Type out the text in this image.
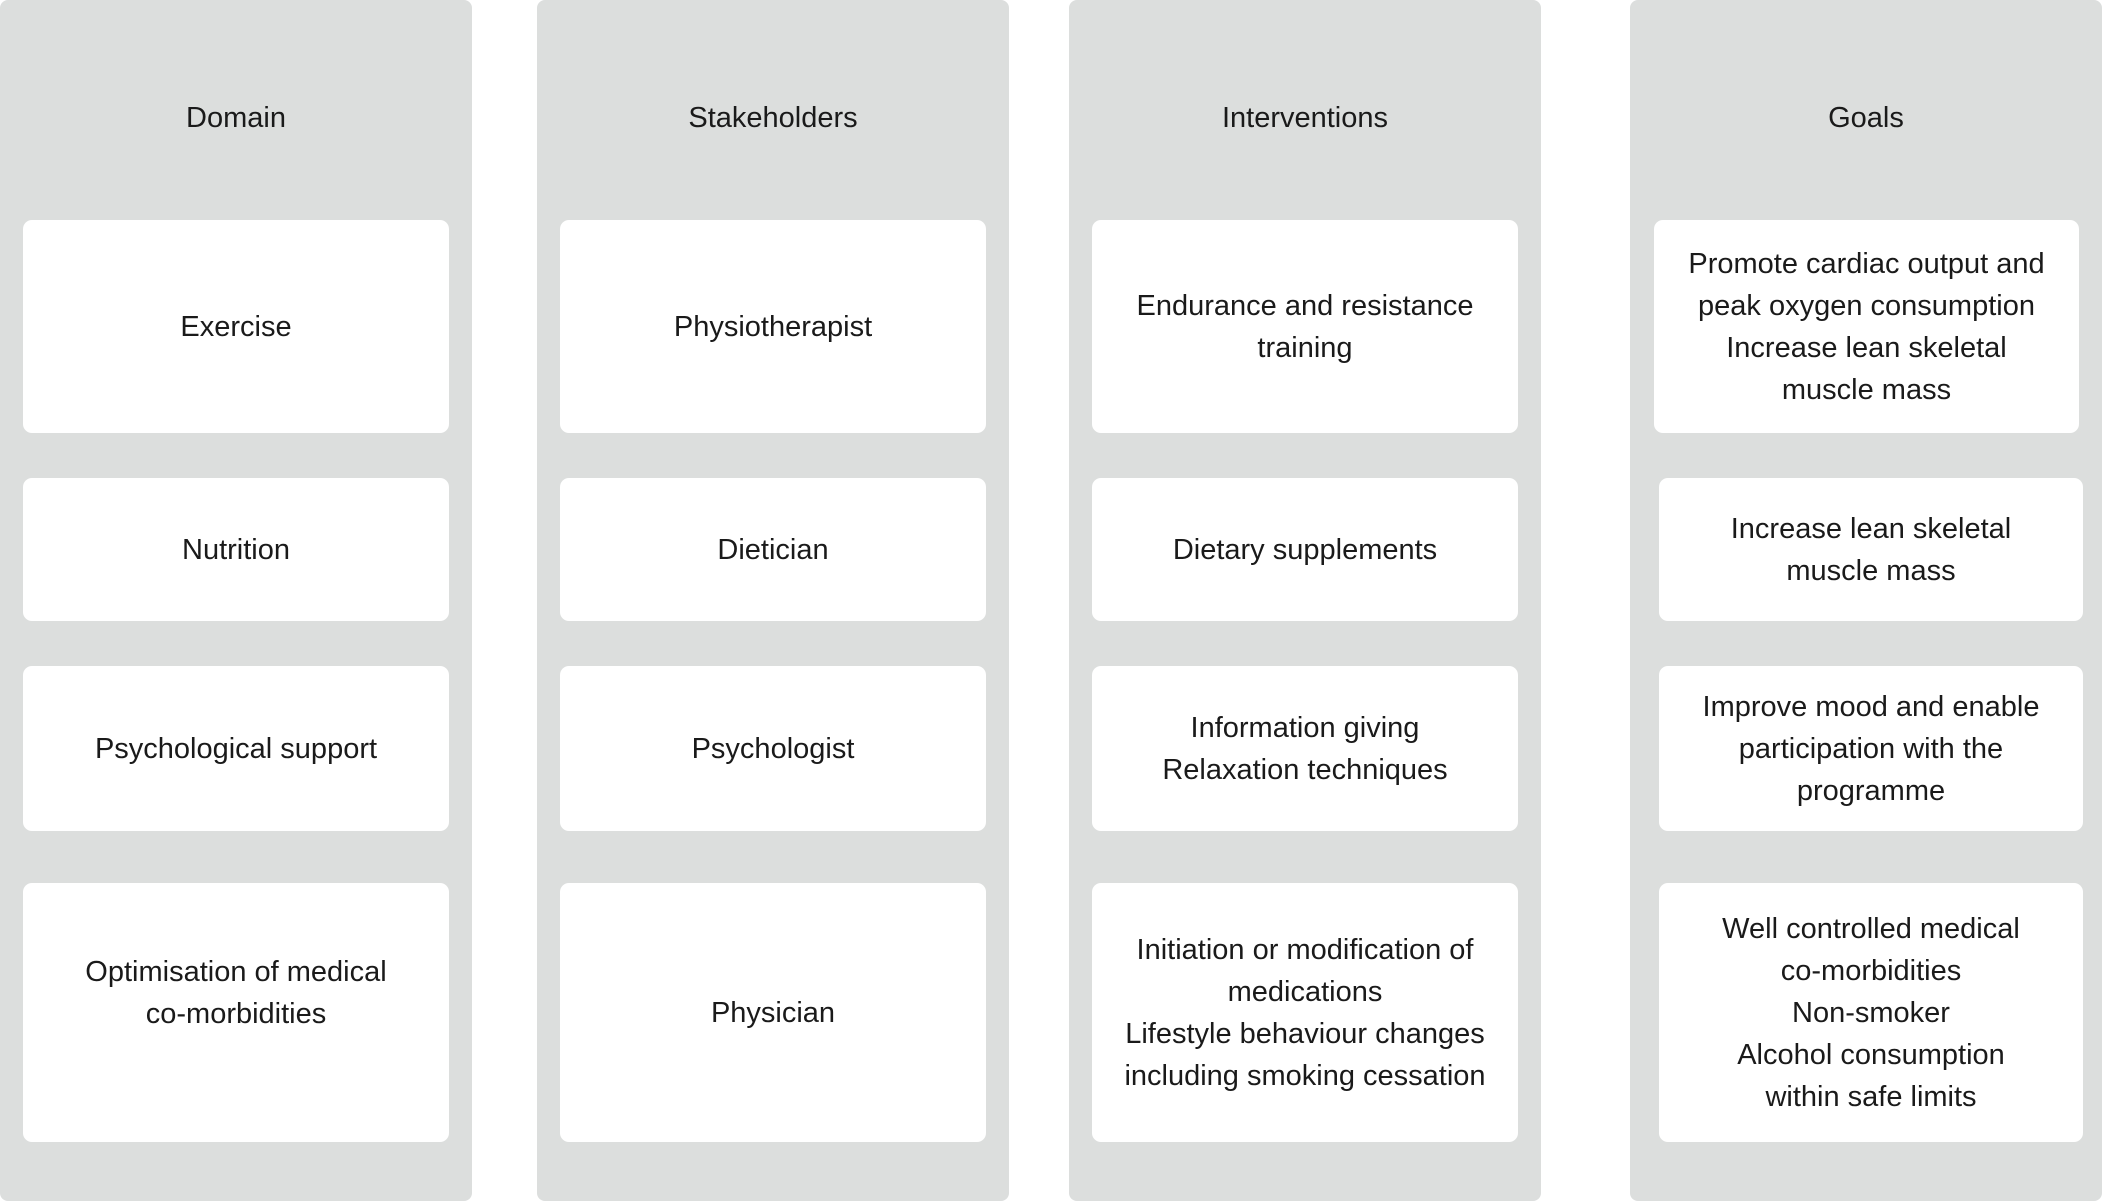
Domain
Exercise
Nutrition
Psychological support
Optimisation of medical
co-morbidities
Stakeholders
Physiotherapist
Dietician
Psychologist
Physician
Interventions
Endurance and resistance
training
Dietary supplements
Information giving
Relaxation techniques
Initiation or modification of
medications
Lifestyle behaviour changes
including smoking cessation
Goals
Promote cardiac output and
peak oxygen consumption
Increase lean skeletal
muscle mass
Increase lean skeletal
muscle mass
Improve mood and enable
participation with the
programme
Well controlled medical
co-morbidities
Non-smoker
Alcohol consumption
within safe limits
